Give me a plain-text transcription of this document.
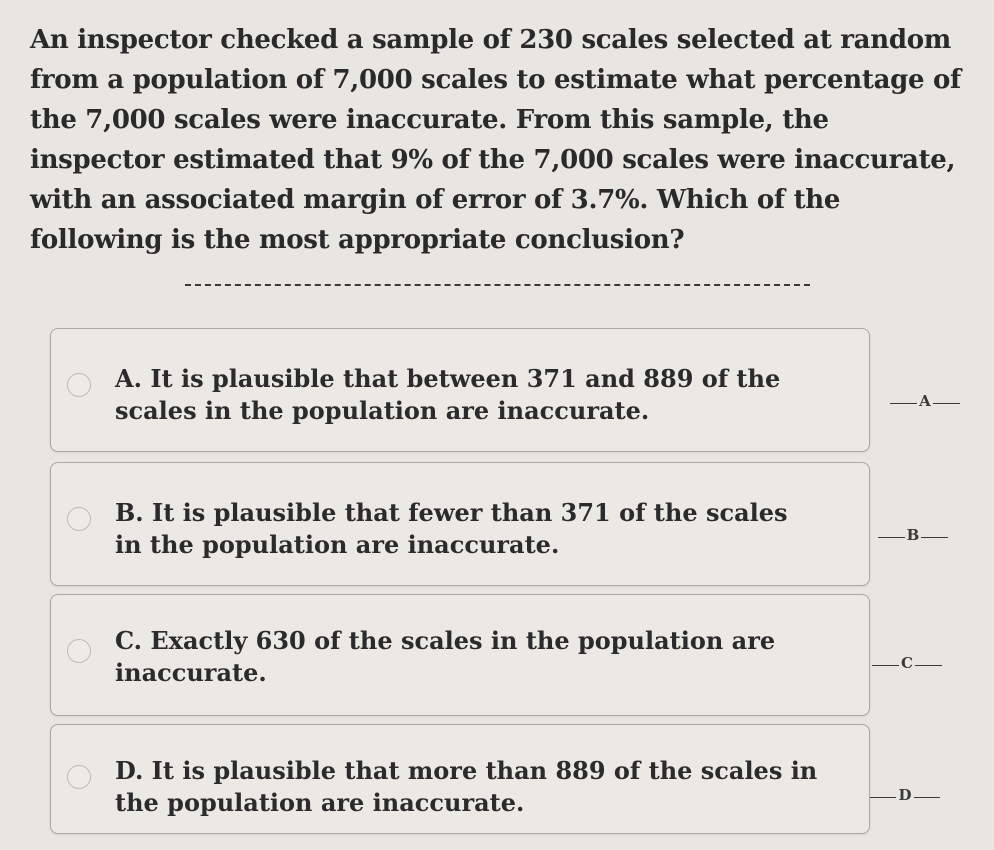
An inspector checked a sample of 230 scales selected at random from a population of 7,000 scales to estimate what percentage of the 7,000 scales were inaccurate. From this sample, the inspector estimated that 9% of the 7,000 scales were inaccurate, with an associated margin of error of 3.7%. Which of the following is the most appropriate conclusion?
A. It is plausible that between 371 and 889 of the scales in the population are inaccurate.	A
B. It is plausible that fewer than 371 of the scales in the population are inaccurate.	B
C. Exactly 630 of the scales in the population are inaccurate.	C
D. It is plausible that more than 889 of the scales in the population are inaccurate.	D
